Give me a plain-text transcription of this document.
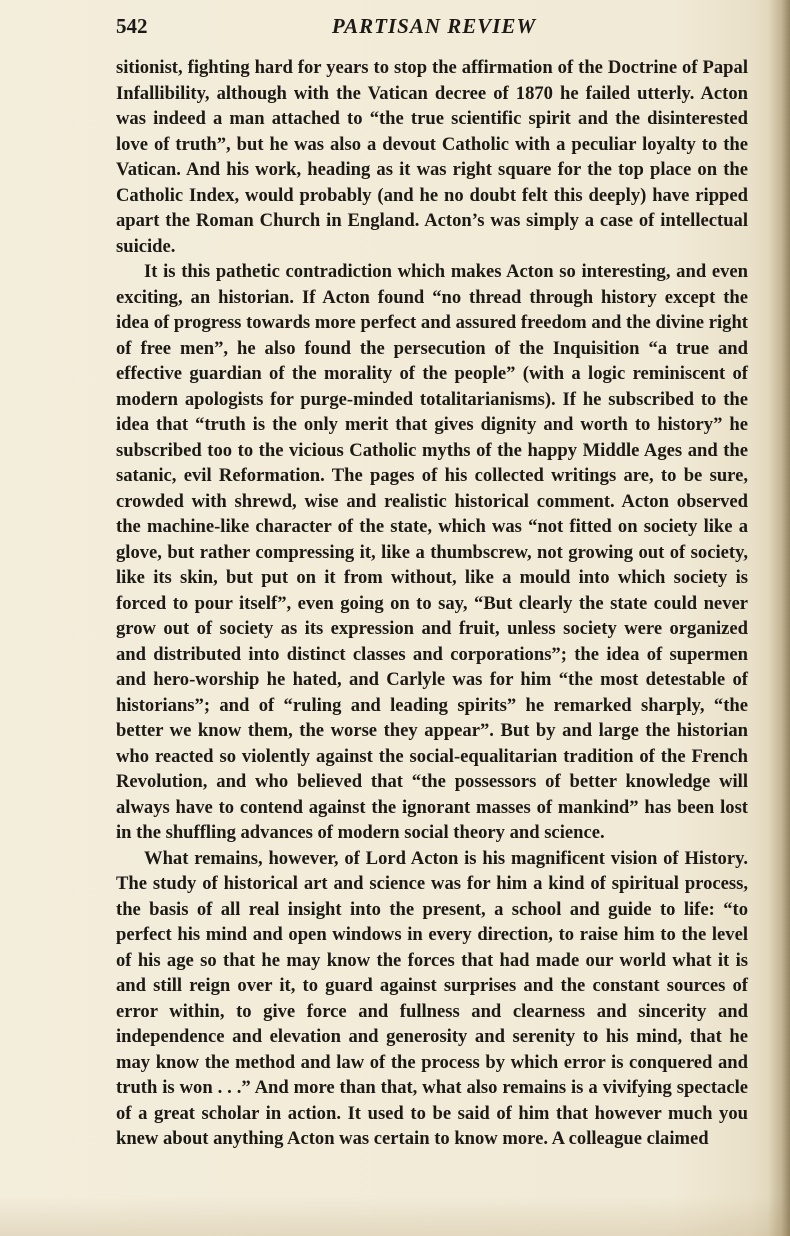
542	PARTISAN REVIEW

sitionist, fighting hard for years to stop the affirmation of the Doctrine of Papal Infallibility, although with the Vatican decree of 1870 he failed utterly. Acton was indeed a man attached to “the true scientific spirit and the disinterested love of truth”, but he was also a devout Catholic with a peculiar loyalty to the Vatican. And his work, heading as it was right square for the top place on the Catholic Index, would probably (and he no doubt felt this deeply) have ripped apart the Roman Church in England. Acton’s was simply a case of intellectual suicide.

It is this pathetic contradiction which makes Acton so interesting, and even exciting, an historian. If Acton found “no thread through history except the idea of progress towards more perfect and assured freedom and the divine right of free men”, he also found the persecution of the Inquisition “a true and effective guardian of the morality of the people” (with a logic reminiscent of modern apologists for purge-minded totalitarianisms). If he subscribed to the idea that “truth is the only merit that gives dignity and worth to history” he subscribed too to the vicious Catholic myths of the happy Middle Ages and the satanic, evil Reformation. The pages of his collected writings are, to be sure, crowded with shrewd, wise and realistic historical comment. Acton observed the machine-like character of the state, which was “not fitted on society like a glove, but rather compressing it, like a thumbscrew, not growing out of society, like its skin, but put on it from without, like a mould into which society is forced to pour itself”, even going on to say, “But clearly the state could never grow out of society as its expression and fruit, unless society were organized and distributed into distinct classes and corporations”; the idea of supermen and hero-worship he hated, and Carlyle was for him “the most detestable of historians”; and of “ruling and leading spirits” he remarked sharply, “the better we know them, the worse they appear”. But by and large the historian who reacted so violently against the social-equalitarian tradition of the French Revolution, and who believed that “the possessors of better knowledge will always have to contend against the ignorant masses of mankind” has been lost in the shuffling advances of modern social theory and science.

What remains, however, of Lord Acton is his magnificent vision of History. The study of historical art and science was for him a kind of spiritual process, the basis of all real insight into the present, a school and guide to life: “to perfect his mind and open windows in every direction, to raise him to the level of his age so that he may know the forces that had made our world what it is and still reign over it, to guard against surprises and the constant sources of error within, to give force and fullness and clearness and sincerity and independence and elevation and generosity and serenity to his mind, that he may know the method and law of the process by which error is conquered and truth is won . . .” And more than that, what also remains is a vivifying spectacle of a great scholar in action. It used to be said of him that however much you knew about anything Acton was certain to know more. A colleague claimed
